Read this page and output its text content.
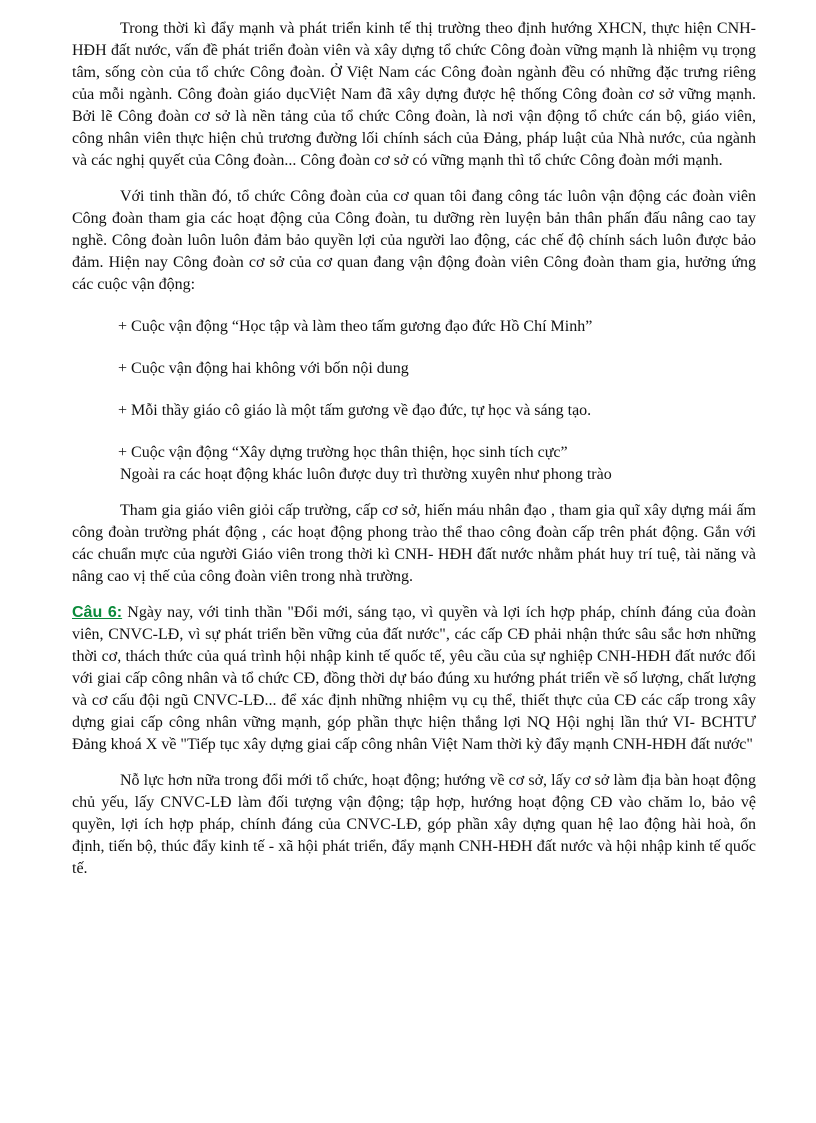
Trong thời kì đẩy mạnh và phát triển kinh tế thị trường theo định hướng XHCN, thực hiện CNH- HĐH đất nước, vấn đề phát triển đoàn viên và xây dựng tổ chức Công đoàn vững mạnh là nhiệm vụ trọng tâm, sống còn của tổ chức Công đoàn. Ở Việt Nam các Công đoàn ngành đều có những đặc trưng riêng của mỗi ngành. Công đoàn giáo dụcViệt Nam đã xây dựng được hệ thống Công đoàn cơ sở vững mạnh. Bởi lẽ Công đoàn cơ sở là nền tảng của tổ chức Công đoàn, là nơi vận động tổ chức cán bộ, giáo viên, công nhân viên thực hiện chủ trương đường lối chính sách của Đảng, pháp luật của Nhà nước, của ngành và các nghị quyết của Công đoàn... Công đoàn cơ sở có vững mạnh thì tổ chức Công đoàn mới mạnh.

Với tinh thần đó, tổ chức Công đoàn của cơ quan tôi đang công tác luôn vận động các đoàn viên Công đoàn tham gia các hoạt động của Công đoàn, tu dưỡng rèn luyện bản thân phấn đấu nâng cao tay nghề. Công đoàn luôn luôn đảm bảo quyền lợi của người lao động, các chế độ chính sách luôn được bảo đảm. Hiện nay Công đoàn cơ sở của cơ quan đang vận động đoàn viên Công đoàn tham gia, hưởng ứng các cuộc vận động:

+ Cuộc vận động “Học tập và làm theo tấm gương đạo đức Hồ Chí Minh”

+ Cuộc vận động hai không với bốn nội dung

+ Mỗi thầy giáo cô giáo là một tấm gương về đạo đức, tự học và sáng tạo.

+ Cuộc vận động “Xây dựng trường học thân thiện, học sinh tích cực”

Ngoài ra các hoạt động khác luôn được duy trì thường xuyên như phong trào

Tham gia giáo viên giỏi cấp trường, cấp cơ sở, hiến máu nhân đạo , tham gia quĩ xây dựng mái ấm công đoàn trường phát động , các hoạt động phong trào thể thao công đoàn cấp trên phát động. Gắn với các chuẩn mực của người Giáo viên trong thời kì CNH- HĐH đất nước nhằm phát huy trí tuệ, tài năng và nâng cao vị thế của công đoàn viên trong nhà trường.

Câu 6: Ngày nay, với tinh thần "Đổi mới, sáng tạo, vì quyền và lợi ích hợp pháp, chính đáng của đoàn viên, CNVC-LĐ, vì sự phát triển bền vững của đất nước", các cấp CĐ phải nhận thức sâu sắc hơn những thời cơ, thách thức của quá trình hội nhập kinh tế quốc tế, yêu cầu của sự nghiệp CNH-HĐH đất nước đối với giai cấp công nhân và tổ chức CĐ, đồng thời dự báo đúng xu hướng phát triển về số lượng, chất lượng và cơ cấu đội ngũ CNVC-LĐ... để xác định những nhiệm vụ cụ thể, thiết thực của CĐ các cấp trong xây dựng giai cấp công nhân vững mạnh, góp phần thực hiện thắng lợi NQ Hội nghị lần thứ VI- BCHTƯ Đảng khoá X về "Tiếp tục xây dựng giai cấp công nhân Việt Nam thời kỳ đẩy mạnh CNH-HĐH đất nước"

Nỗ lực hơn nữa trong đổi mới tổ chức, hoạt động; hướng về cơ sở, lấy cơ sở làm địa bàn hoạt động chủ yếu, lấy CNVC-LĐ làm đối tượng vận động; tập hợp, hướng hoạt động CĐ vào chăm lo, bảo vệ quyền, lợi ích hợp pháp, chính đáng của CNVC-LĐ, góp phần xây dựng quan hệ lao động hài hoà, ổn định, tiến bộ, thúc đẩy kinh tế - xã hội phát triển, đẩy mạnh CNH-HĐH đất nước và hội nhập kinh tế quốc tế.
